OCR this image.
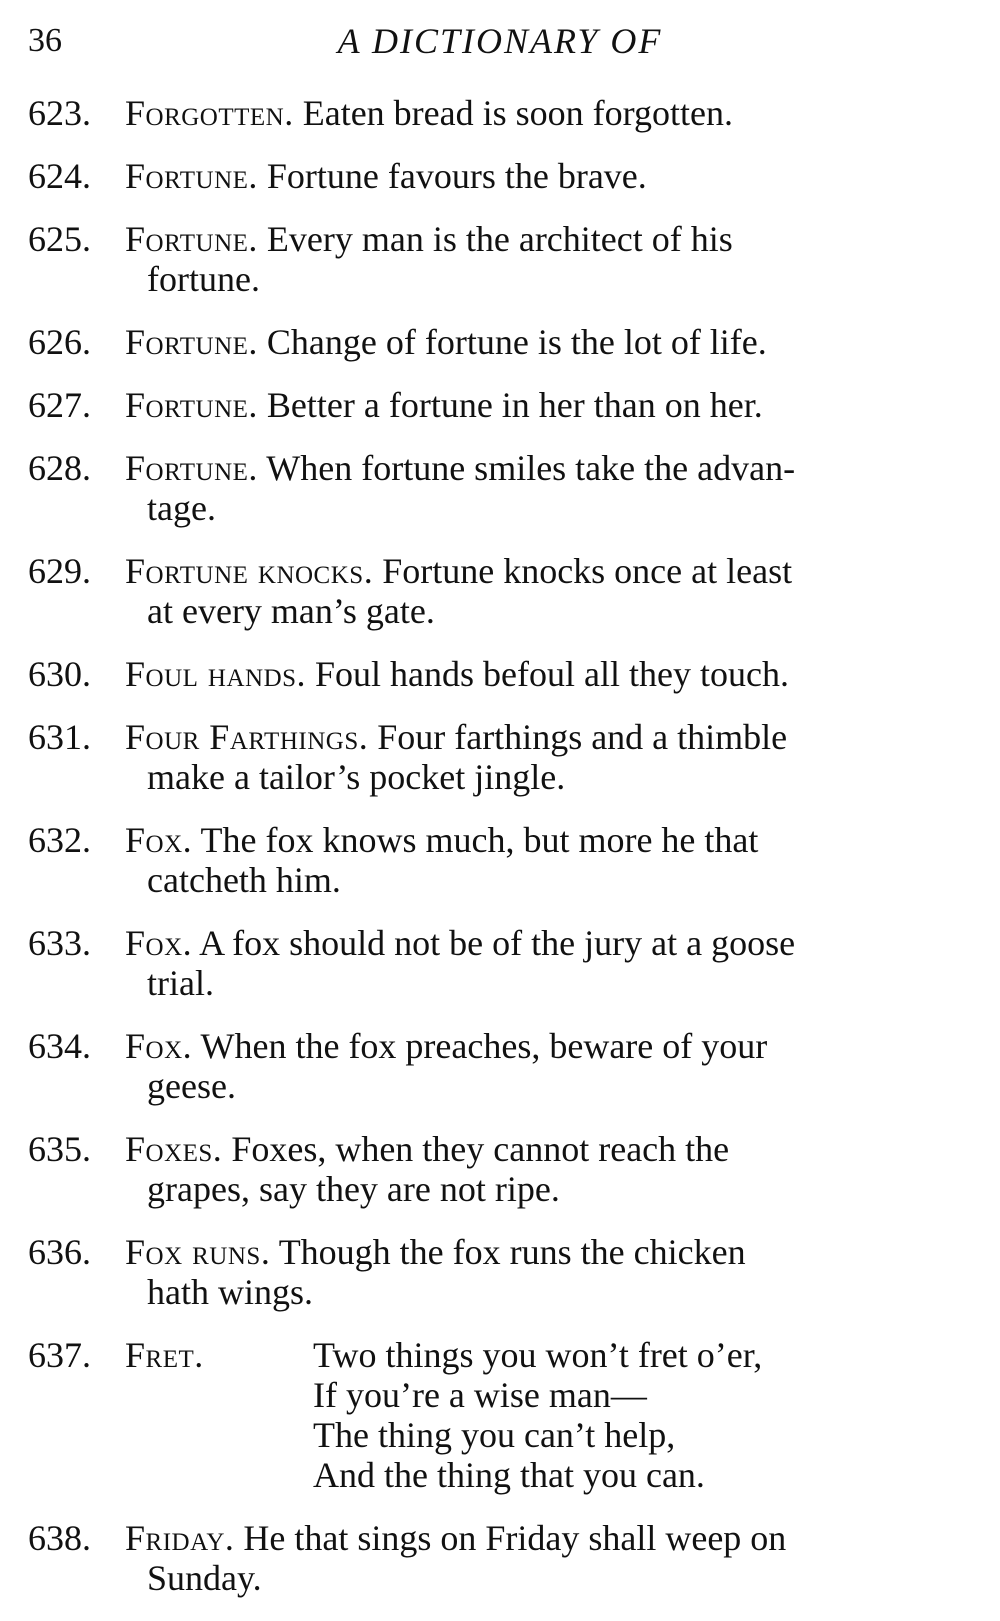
36	A DICTIONARY OF
623. Forgotten. Eaten bread is soon forgotten.
624. Fortune. Fortune favours the brave.
625. Fortune. Every man is the architect of his
fortune.
626. Fortune. Change of fortune is the lot of life.
627. Fortune. Better a fortune in her than on her.
628. Fortune. When fortune smiles take the advan-
tage.
629. Fortune knocks. Fortune knocks once at least
at every man’s gate.
630. Foul hands. Foul hands befoul all they touch.
631. Four Farthings. Four farthings and a thimble
make a tailor’s pocket jingle.
632. Fox. The fox knows much, but more he that
catcheth him.
633. Fox. A fox should not be of the jury at a goose
trial.
634. Fox. When the fox preaches, beware of your
geese.
635. Foxes. Foxes, when they cannot reach the
grapes, say they are not ripe.
636. Fox runs. Though the fox runs the chicken
hath wings.
637. Fret.	Two things you won’t fret o’er,
If you’re a wise man—
The thing you can’t help,
And the thing that you can.
638. Friday. He that sings on Friday shall weep on
Sunday.
